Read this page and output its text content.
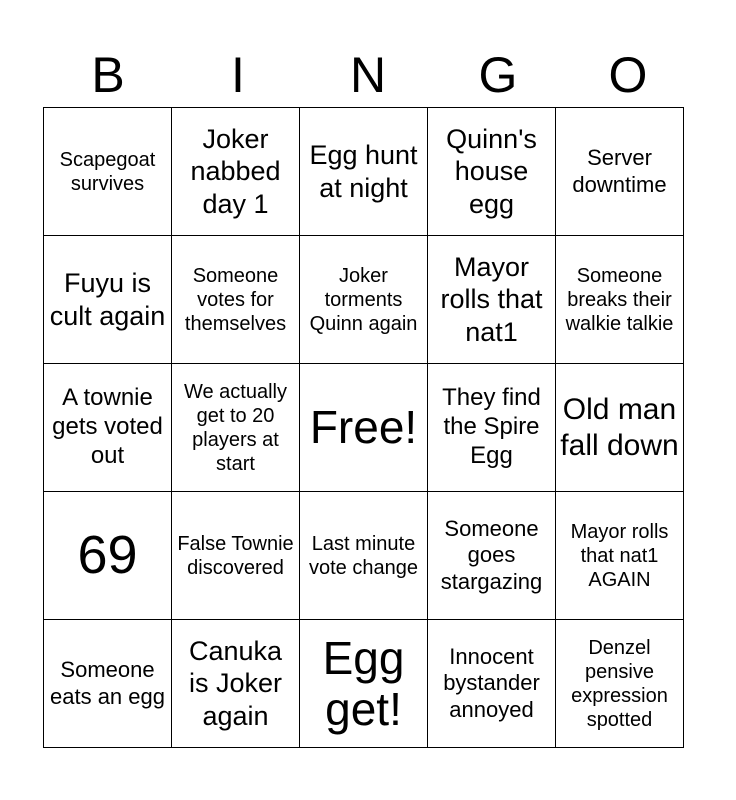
B	I	N	G	O
Scapegoat survives	Joker nabbed day 1	Egg hunt at night	Quinn's house egg	Server downtime
Fuyu is cult again	Someone votes for themselves	Joker torments Quinn again	Mayor rolls that nat1	Someone breaks their walkie talkie
A townie gets voted out	We actually get to 20 players at start	Free!	They find the Spire Egg	Old man fall down
69	False Townie discovered	Last minute vote change	Someone goes stargazing	Mayor rolls that nat1 AGAIN
Someone eats an egg	Canuka is Joker again	Egg get!	Innocent bystander annoyed	Denzel pensive expression spotted
